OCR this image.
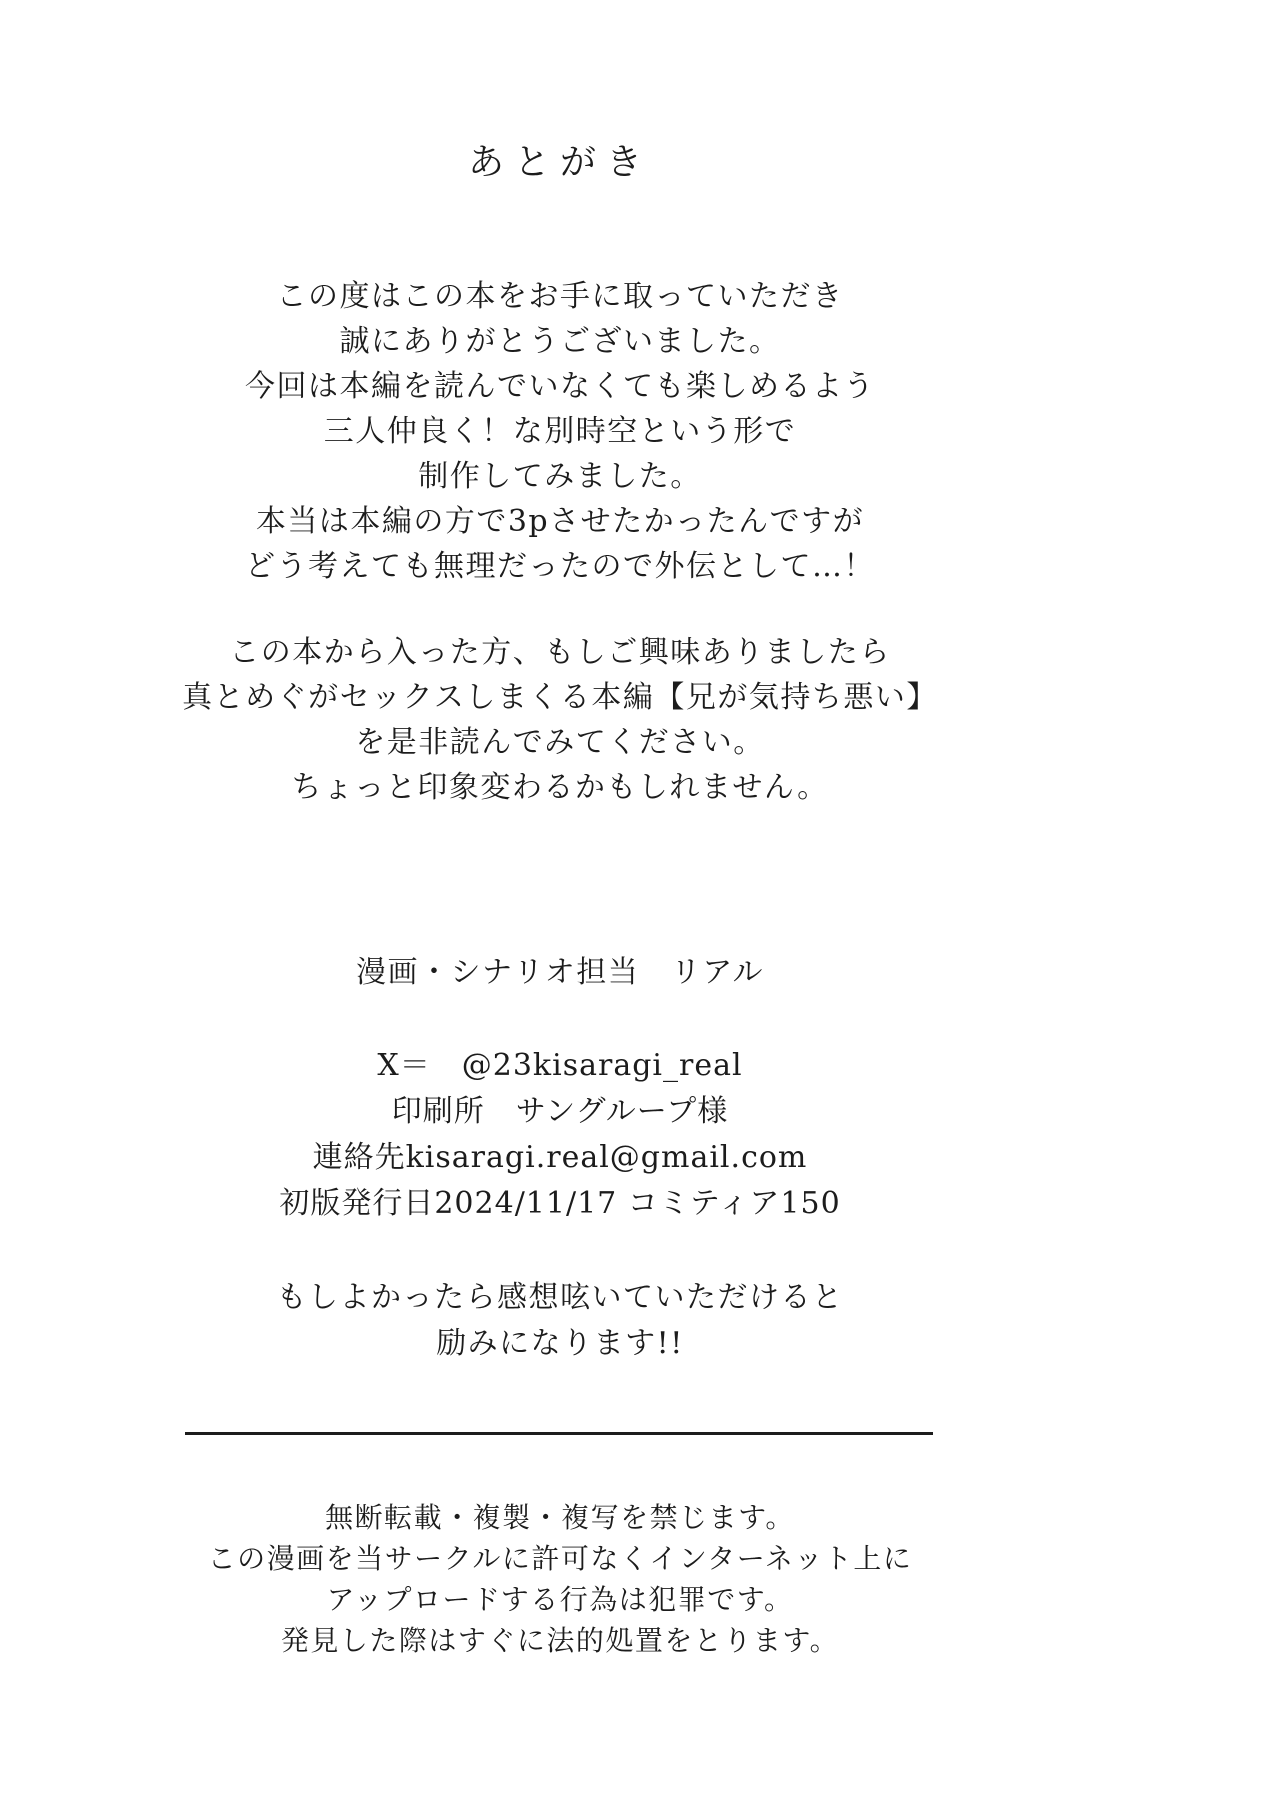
あとがき
この度はこの本をお手に取っていただき
誠にありがとうございました。
今回は本編を読んでいなくても楽しめるよう
三人仲良く！な別時空という形で
制作してみました。
本当は本編の方で3pさせたかったんですが
どう考えても無理だったので外伝として…！
この本から入った方、もしご興味ありましたら
真とめぐがセックスしまくる本編【兄が気持ち悪い】
を是非読んでみてください。
ちょっと印象変わるかもしれません。
漫画・シナリオ担当　リアル
X＝　@23kisaragi_real
印刷所　サングループ様
連絡先kisaragi.real@gmail.com
初版発行日2024/11/17 コミティア150
もしよかったら感想呟いていただけると
励みになります!!
無断転載・複製・複写を禁じます。
この漫画を当サークルに許可なくインターネット上に
アップロードする行為は犯罪です。
発見した際はすぐに法的処置をとります。
